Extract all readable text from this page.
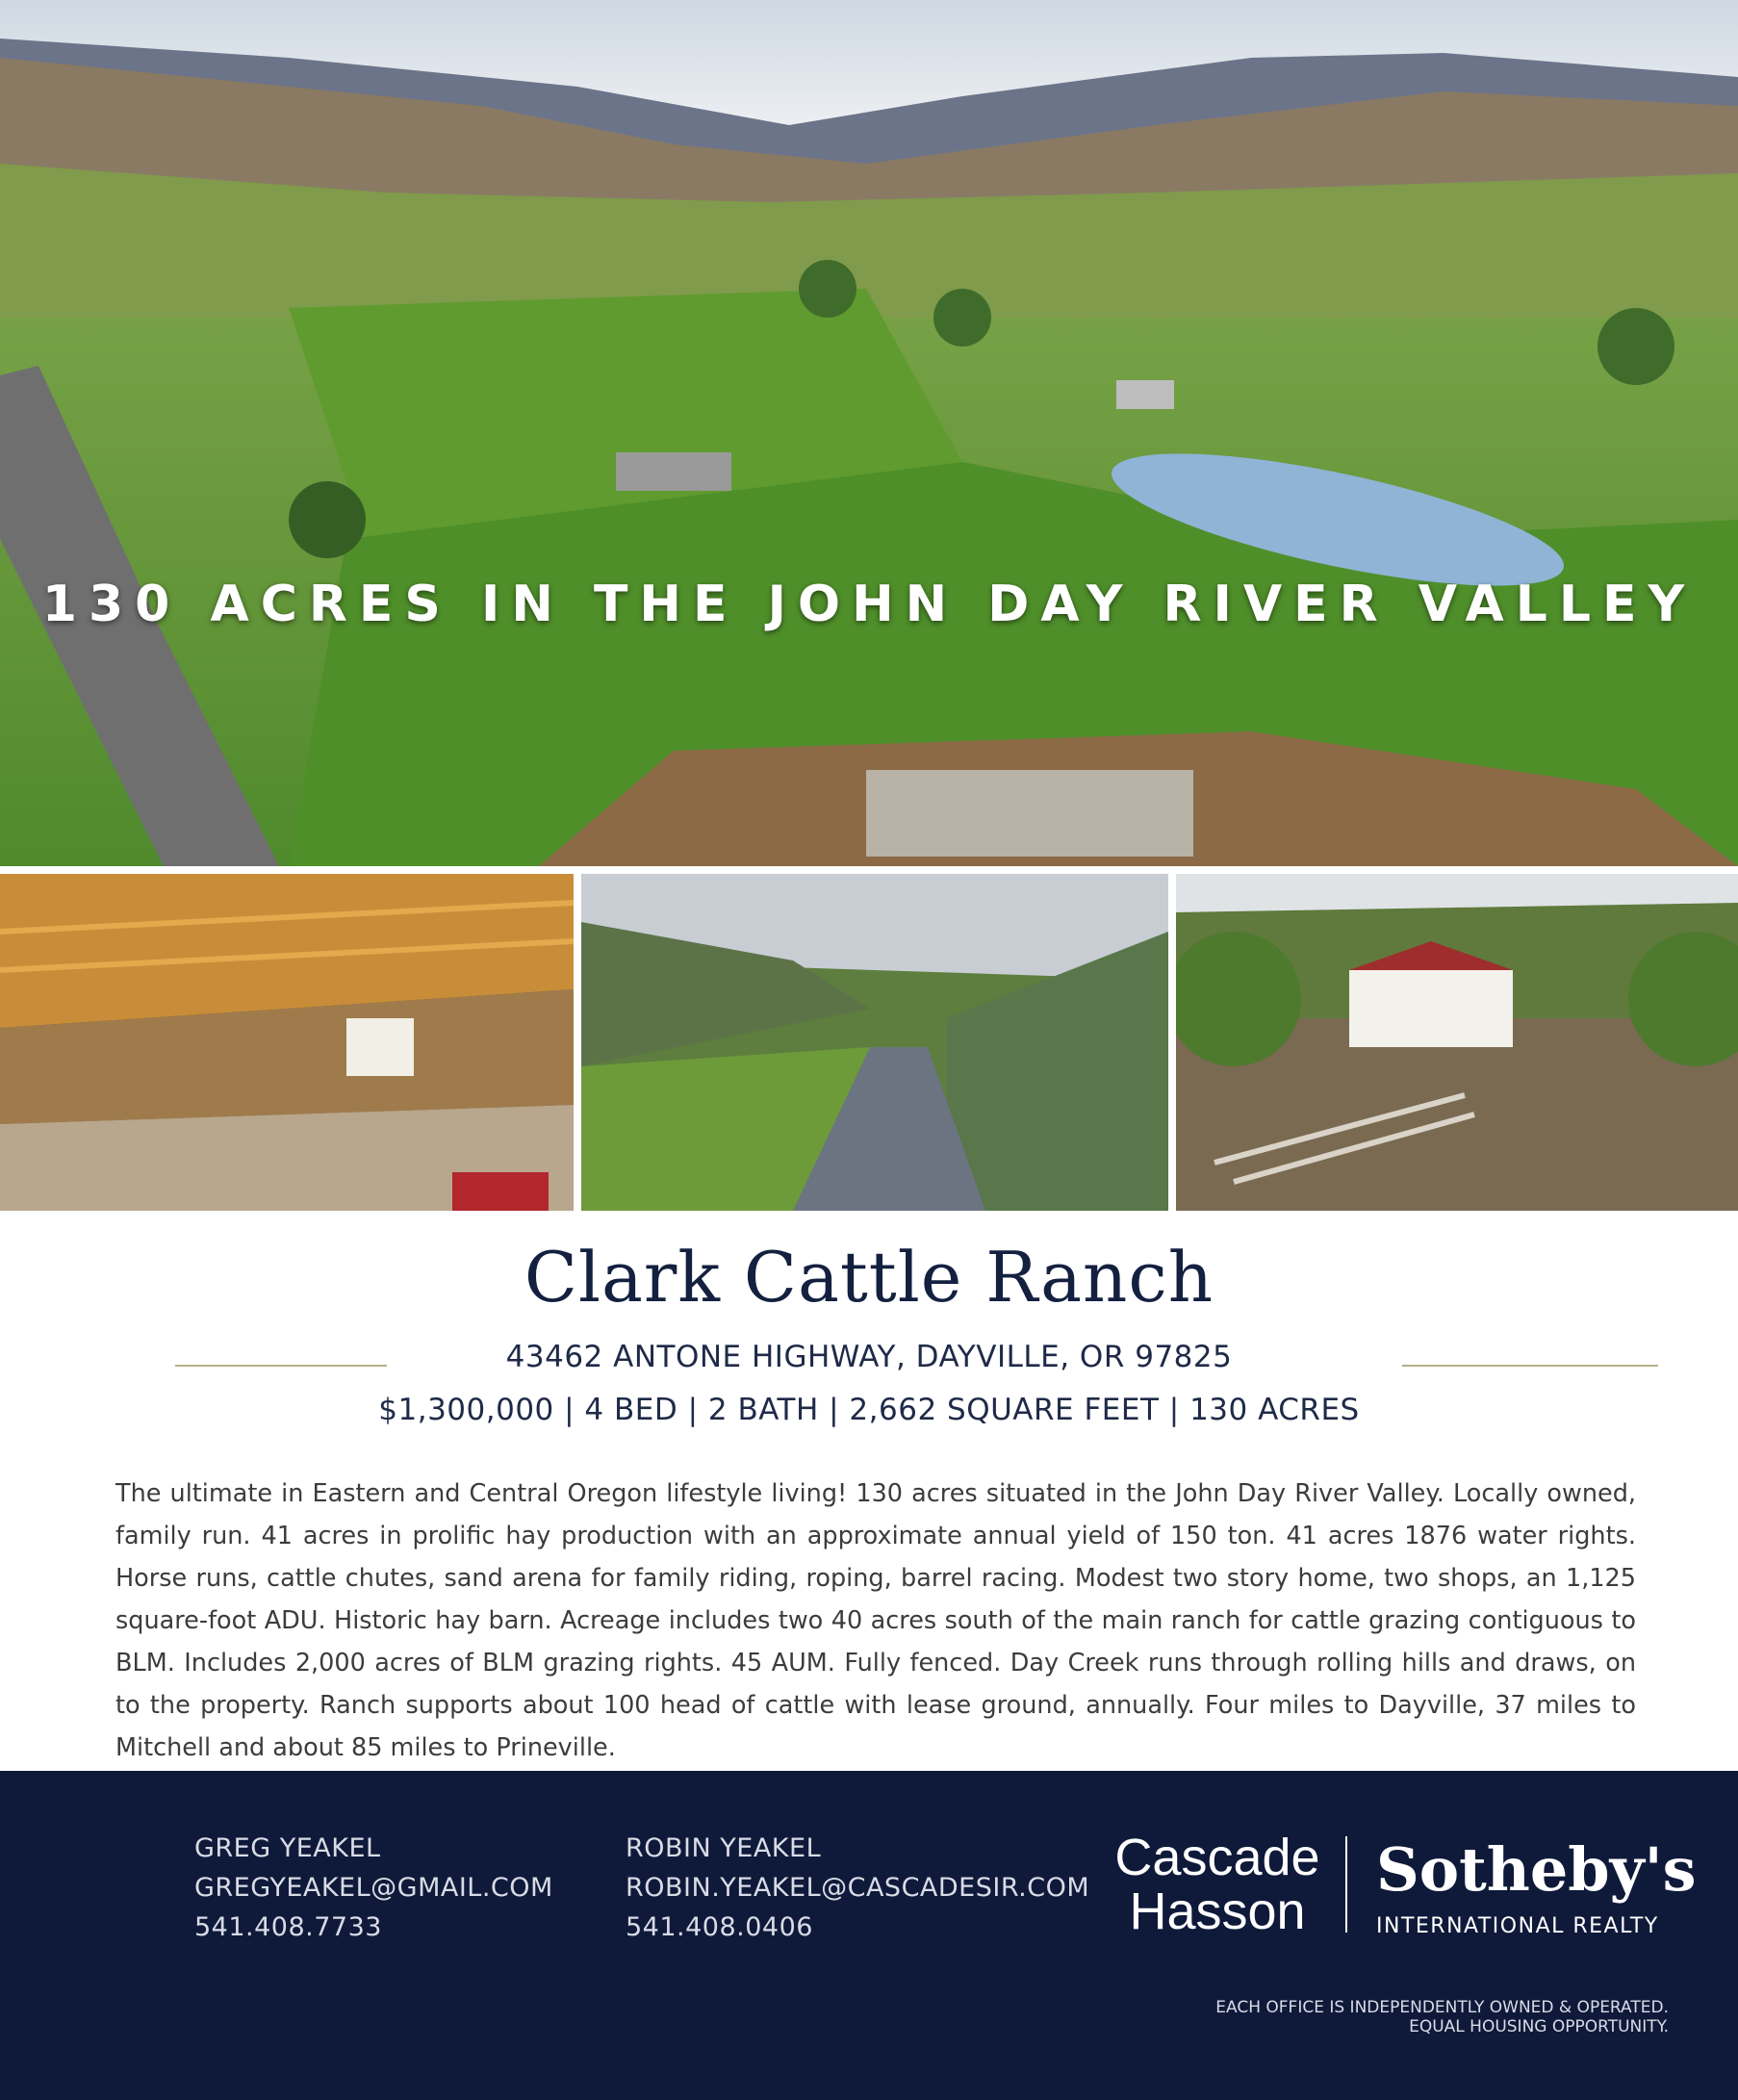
130 ACRES IN THE JOHN DAY RIVER VALLEY
Clark Cattle Ranch
43462 ANTONE HIGHWAY, DAYVILLE, OR 97825
$1,300,000 | 4 BED | 2 BATH | 2,662 SQUARE FEET | 130 ACRES
The ultimate in Eastern and Central Oregon lifestyle living! 130 acres situated in the John Day River Valley. Locally owned, family run. 41 acres in prolific hay production with an approximate annual yield of 150 ton. 41 acres 1876 water rights. Horse runs, cattle chutes, sand arena for family riding, roping, barrel racing. Modest two story home, two shops, an 1,125 square-foot ADU. Historic hay barn. Acreage includes two 40 acres south of the main ranch for cattle grazing contiguous to BLM. Includes 2,000 acres of BLM grazing rights. 45 AUM. Fully fenced. Day Creek runs through rolling hills and draws, on to the property. Ranch supports about 100 head of cattle with lease ground, annually. Four miles to Dayville, 37 miles to Mitchell and about 85 miles to Prineville.
GREG YEAKEL
GREGYEAKEL@GMAIL.COM
541.408.7733
ROBIN YEAKEL
ROBIN.YEAKEL@CASCADESIR.COM
541.408.0406
Cascade
Hasson
Sotheby's
INTERNATIONAL REALTY
EACH OFFICE IS INDEPENDENTLY OWNED & OPERATED.
EQUAL HOUSING OPPORTUNITY.
